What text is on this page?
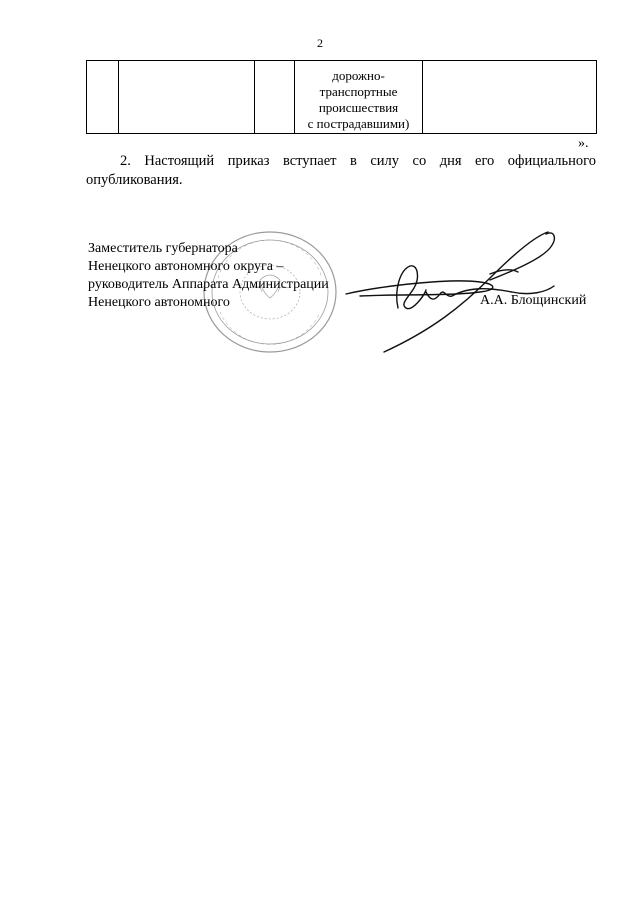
2

дорожно-
транспортные
происшествия
с пострадавшими)

».
2. Настоящий приказ вступает в силу со дня его официального опубликования.
Заместитель губернатора
Ненецкого автономного округа –
руководитель Аппарата Администрации
Ненецкого автономного	А.А. Блощинский
